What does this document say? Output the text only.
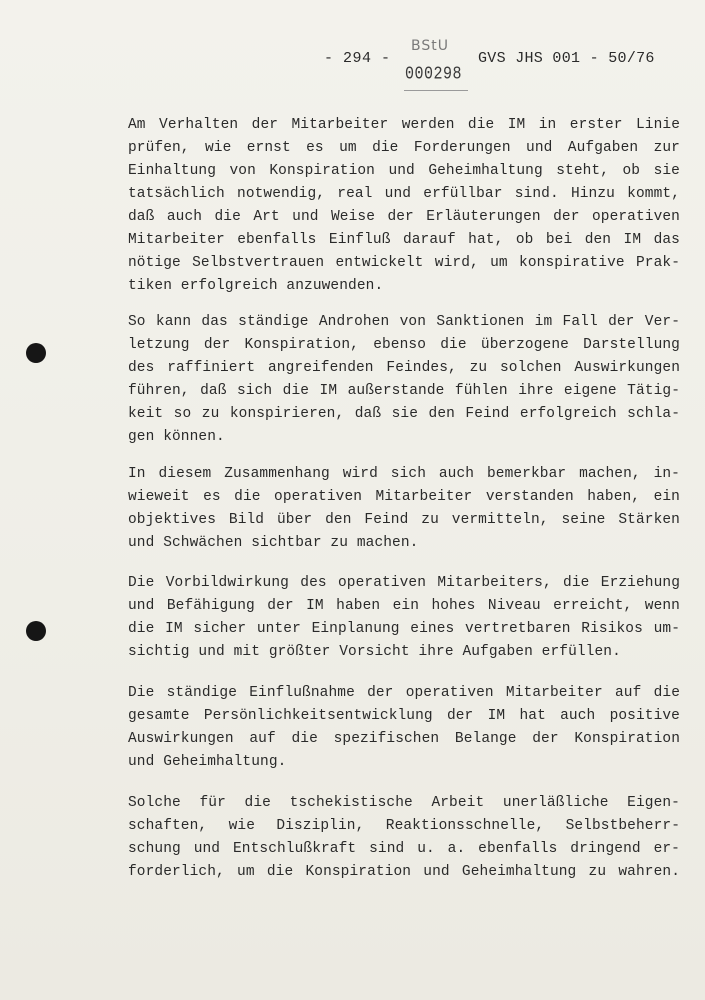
- 294 -
BStU
000298
GVS JHS 001 - 50/76
Am Verhalten der Mitarbeiter werden die IM in erster Linie
prüfen, wie ernst es um die Forderungen und Aufgaben zur
Einhaltung von Konspiration und Geheimhaltung steht, ob sie
tatsächlich notwendig, real und erfüllbar sind. Hinzu kommt,
daß auch die Art und Weise der Erläuterungen der operativen
Mitarbeiter ebenfalls Einfluß darauf hat, ob bei den IM das
nötige Selbstvertrauen entwickelt wird, um konspirative Prak-
tiken erfolgreich anzuwenden.
So kann das ständige Androhen von Sanktionen im Fall der Ver-
letzung der Konspiration, ebenso die überzogene Darstellung
des raffiniert angreifenden Feindes, zu solchen Auswirkungen
führen, daß sich die IM außerstande fühlen ihre eigene Tätig-
keit so zu konspirieren, daß sie den Feind erfolgreich schla-
gen können.
In diesem Zusammenhang wird sich auch bemerkbar machen, in-
wieweit es die operativen Mitarbeiter verstanden haben, ein
objektives Bild über den Feind zu vermitteln, seine Stärken
und Schwächen sichtbar zu machen.
Die Vorbildwirkung des operativen Mitarbeiters, die Erziehung
und Befähigung der IM haben ein hohes Niveau erreicht, wenn
die IM sicher unter Einplanung eines vertretbaren Risikos um-
sichtig und mit größter Vorsicht ihre Aufgaben erfüllen.
Die ständige Einflußnahme der operativen Mitarbeiter auf die
gesamte Persönlichkeitsentwicklung der IM hat auch positive
Auswirkungen auf die spezifischen Belange der Konspiration
und Geheimhaltung.
Solche für die tschekistische Arbeit unerläßliche Eigen-
schaften, wie Disziplin, Reaktionsschnelle, Selbstbeherr-
schung und Entschlußkraft sind u. a. ebenfalls dringend er-
forderlich, um die Konspiration und Geheimhaltung zu wahren.
